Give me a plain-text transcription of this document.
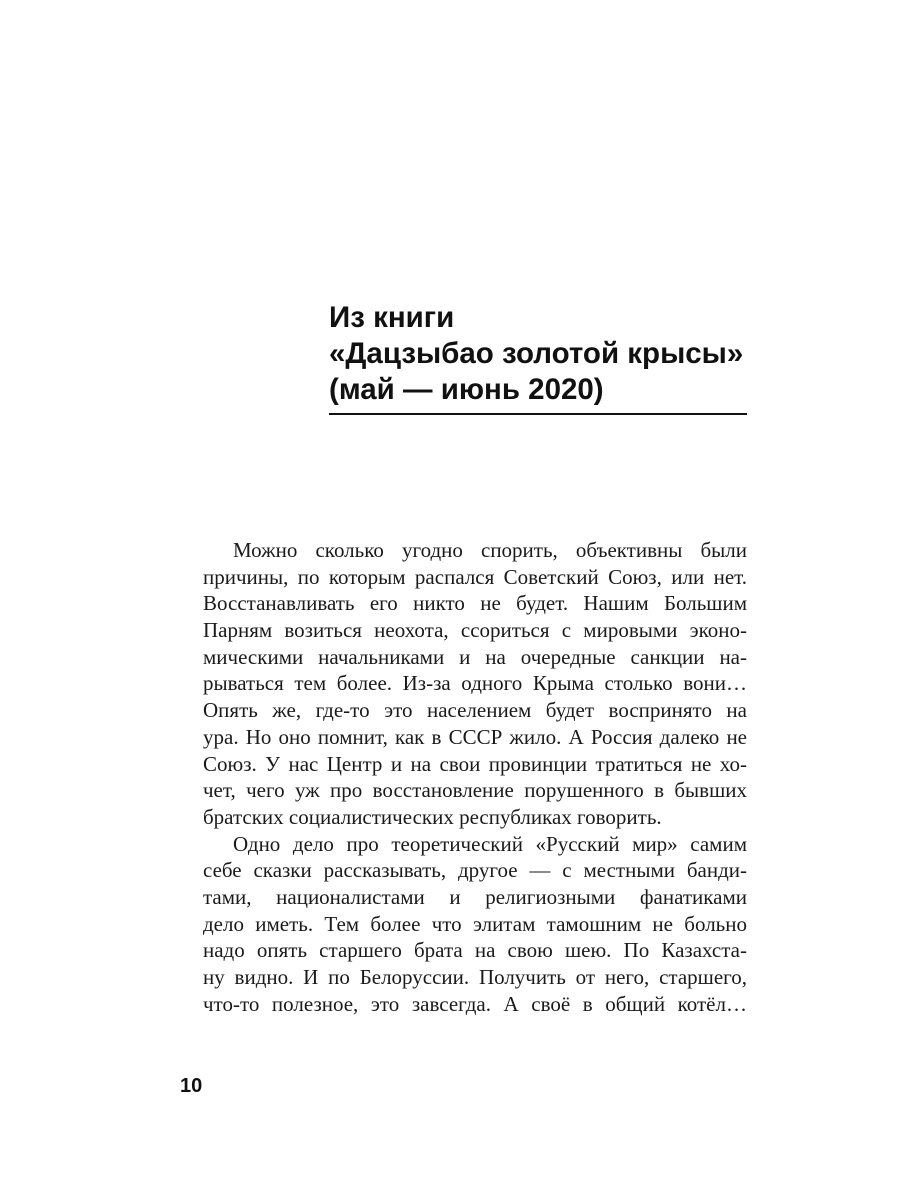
Из книги
«Дацзыбао золотой крысы»
(май — июнь 2020)
Можно сколько угодно спорить, объективны были
причины, по которым распался Советский Союз, или нет.
Восстанавливать его никто не будет. Нашим Большим
Парням возиться неохота, ссориться с мировыми эконо-
мическими начальниками и на очередные санкции на-
рываться тем более. Из-за одного Крыма столько вони…
Опять же, где-то это населением будет воспринято на
ура. Но оно помнит, как в СССР жило. А Россия далеко не
Союз. У нас Центр и на свои провинции тратиться не хо-
чет, чего уж про восстановление порушенного в бывших
братских социалистических республиках говорить.
Одно дело про теоретический «Русский мир» самим
себе сказки рассказывать, другое — с местными банди-
тами, националистами и религиозными фанатиками
дело иметь. Тем более что элитам тамошним не больно
надо опять старшего брата на свою шею. По Казахста-
ну видно. И по Белоруссии. Получить от него, старшего,
что-то полезное, это завсегда. А своё в общий котёл…
10
